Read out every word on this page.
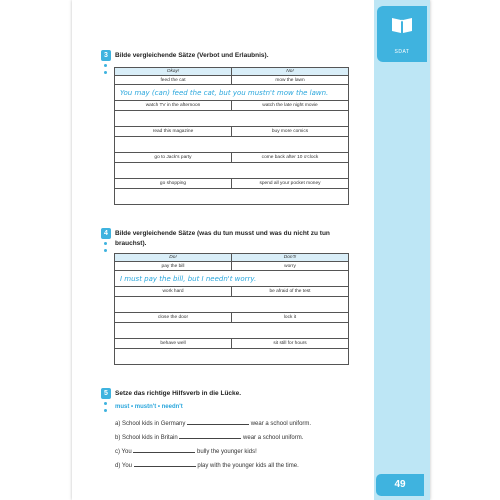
3	Bilde vergleichende Sätze (Verbot und Erlaubnis).
Okay!	No!
feed the cat	mow the lawn
You may (can) feed the cat, but you mustn't mow the lawn.	
watch TV in the afternoon	watch the late night movie

read this magazine	buy more comics

go to Jack's party	come back after 10 o'clock

go shopping	spend all your pocket money

4	Bilde vergleichende Sätze (was du tun musst und was du nicht zu tun
brauchst).
Do!	Don't!
pay the bill	worry
I must pay the bill, but I needn't worry.	
work hard	be afraid of the test

close the door	lock it

behave well	sit still for hours

5	Setze das richtige Hilfsverb in die Lücke.
must • mustn't • needn't
a) School kids in Germany	wear a school uniform.
b) School kids in Britain	wear a school uniform.
c) You	bully the younger kids!
d) You	play with the younger kids all the time.
SDAT
49
